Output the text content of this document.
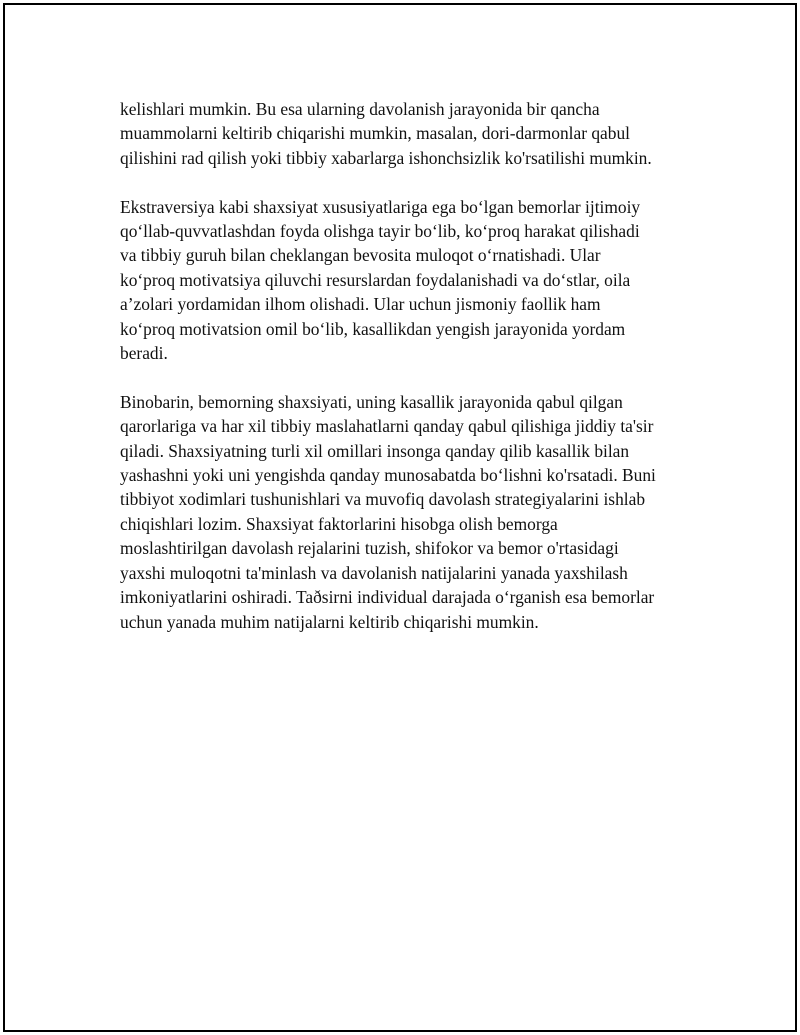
kelishlari mumkin. Bu esa ularning davolanish jarayonida bir qancha
muammolarni keltirib chiqarishi mumkin, masalan, dori-darmonlar qabul
qilishini rad qilish yoki tibbiy xabarlarga ishonchsizlik ko'rsatilishi mumkin.

Ekstraversiya kabi shaxsiyat xususiyatlariga ega bo‘lgan bemorlar ijtimoiy
qo‘llab-quvvatlashdan foyda olishga tayir bo‘lib, ko‘proq harakat qilishadi
va tibbiy guruh bilan cheklangan bevosita muloqot o‘rnatishadi. Ular
ko‘proq motivatsiya qiluvchi resurslardan foydalanishadi va do‘stlar, oila
a’zolari yordamidan ilhom olishadi. Ular uchun jismoniy faollik ham
ko‘proq motivatsion omil bo‘lib, kasallikdan yengish jarayonida yordam
beradi.

Binobarin, bemorning shaxsiyati, uning kasallik jarayonida qabul qilgan
qarorlariga va har xil tibbiy maslahatlarni qanday qabul qilishiga jiddiy ta'sir
qiladi. Shaxsiyatning turli xil omillari insonga qanday qilib kasallik bilan
yashashni yoki uni yengishda qanday munosabatda bo‘lishni ko'rsatadi. Buni
tibbiyot xodimlari tushunishlari va muvofiq davolash strategiyalarini ishlab
chiqishlari lozim. Shaxsiyat faktorlarini hisobga olish bemorga
moslashtirilgan davolash rejalarini tuzish, shifokor va bemor o'rtasidagi
yaxshi muloqotni ta'minlash va davolanish natijalarini yanada yaxshilash
imkoniyatlarini oshiradi. Taðsirni individual darajada o‘rganish esa bemorlar
uchun yanada muhim natijalarni keltirib chiqarishi mumkin.
